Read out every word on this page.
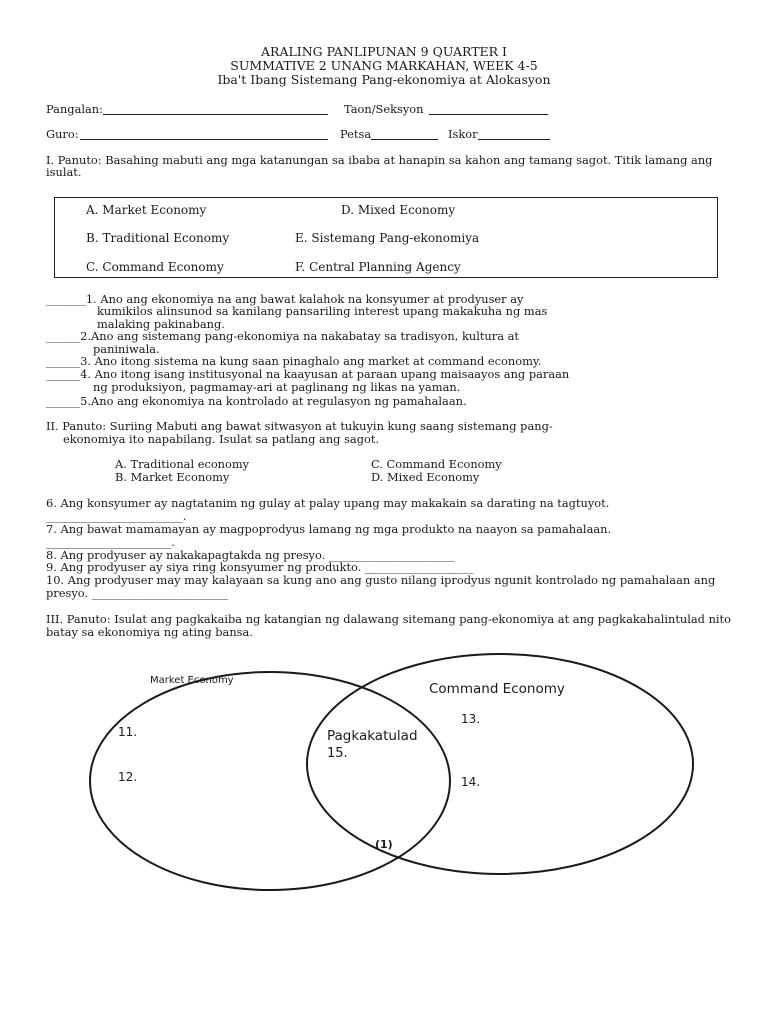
ARALING PANLIPUNAN 9 QUARTER I
SUMMATIVE 2 UNANG MARKAHAN, WEEK 4-5
Iba't Ibang Sistemang Pang-ekonomiya at Alokasyon
Pangalan:	Taon/Seksyon
Guro:	Petsa	Iskor
I. Panuto: Basahing mabuti ang mga katanungan sa ibaba at hanapin sa kahon ang tamang sagot. Titik lamang ang
isulat.
A. Market Economy	D. Mixed Economy
B. Traditional Economy	E. Sistemang Pang-ekonomiya
C. Command Economy	F. Central Planning Agency
_______1. Ano ang ekonomiya na ang bawat kalahok na konsyumer at prodyuser ay
kumikilos alinsunod sa kanilang pansariling interest upang makakuha ng mas
malaking pakinabang.
______2.Ano ang sistemang pang-ekonomiya na nakabatay sa tradisyon, kultura at
paniniwala.
______3. Ano itong sistema na kung saan pinaghalo ang market at command economy.
______4. Ano itong isang institusyonal na kaayusan at paraan upang maisaayos ang paraan
ng produksiyon, pagmamay-ari at paglinang ng likas na yaman.
______5.Ano ang ekonomiya na kontrolado at regulasyon ng pamahalaan.
II. Panuto: Suriing Mabuti ang bawat sitwasyon at tukuyin kung saang sistemang pang-
ekonomiya ito napabilang. Isulat sa patlang ang sagot.
A. Traditional economy	C. Command Economy
B. Market Economy	D. Mixed Economy
6. Ang konsyumer ay nagtatanim ng gulay at palay upang may makakain sa darating na tagtuyot.
________________________.
7. Ang bawat mamamayan ay magpoprodyus lamang ng mga produkto na naayon sa pamahalaan.
______________________.
8. Ang prodyuser ay nakakapagtakda ng presyo. ______________________
9. Ang prodyuser ay siya ring konsyumer ng produkto. ___________________
10. Ang prodyuser may may kalayaan sa kung ano ang gusto nilang iprodyus ngunit kontrolado ng pamahalaan ang
presyo. ________________________
III. Panuto: Isulat ang pagkakaiba ng katangian ng dalawang sitemang pang-ekonomiya at ang pagkakahalintulad nito
batay sa ekonomiya ng ating bansa.
Market Economy
Command Economy
11.
12.
13.
14.
Pagkakatulad
15.
(1)
